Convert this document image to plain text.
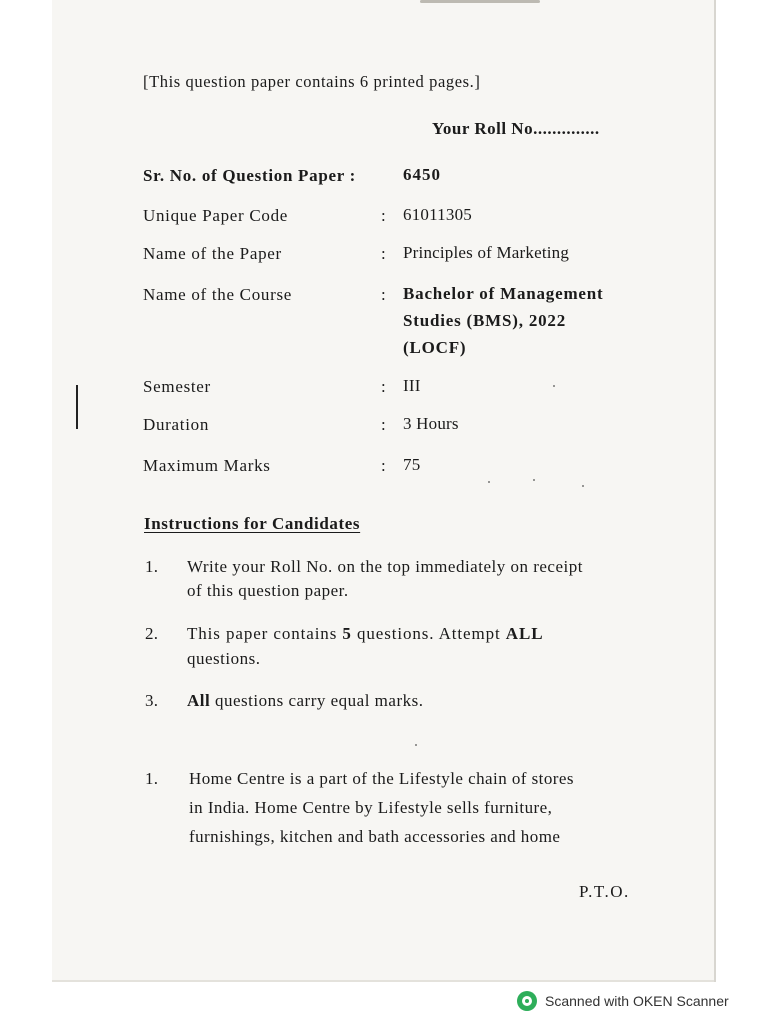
[This question paper contains 6 printed pages.]
Your Roll No..............
Sr. No. of Question Paper :	6450
Unique Paper Code	: 61011305
Name of the Paper	: Principles of Marketing
Name of the Course	: Bachelor of Management
Studies (BMS), 2022
(LOCF)
Semester	: III
Duration	: 3 Hours
Maximum Marks	: 75
Instructions for Candidates
1. Write your Roll No. on the top immediately on receipt
of this question paper.
2. This paper contains 5 questions. Attempt ALL
questions.
3. All questions carry equal marks.
1. Home Centre is a part of the Lifestyle chain of stores
in India. Home Centre by Lifestyle sells furniture,
furnishings, kitchen and bath accessories and home
P.T.O.
Scanned with OKEN Scanner
